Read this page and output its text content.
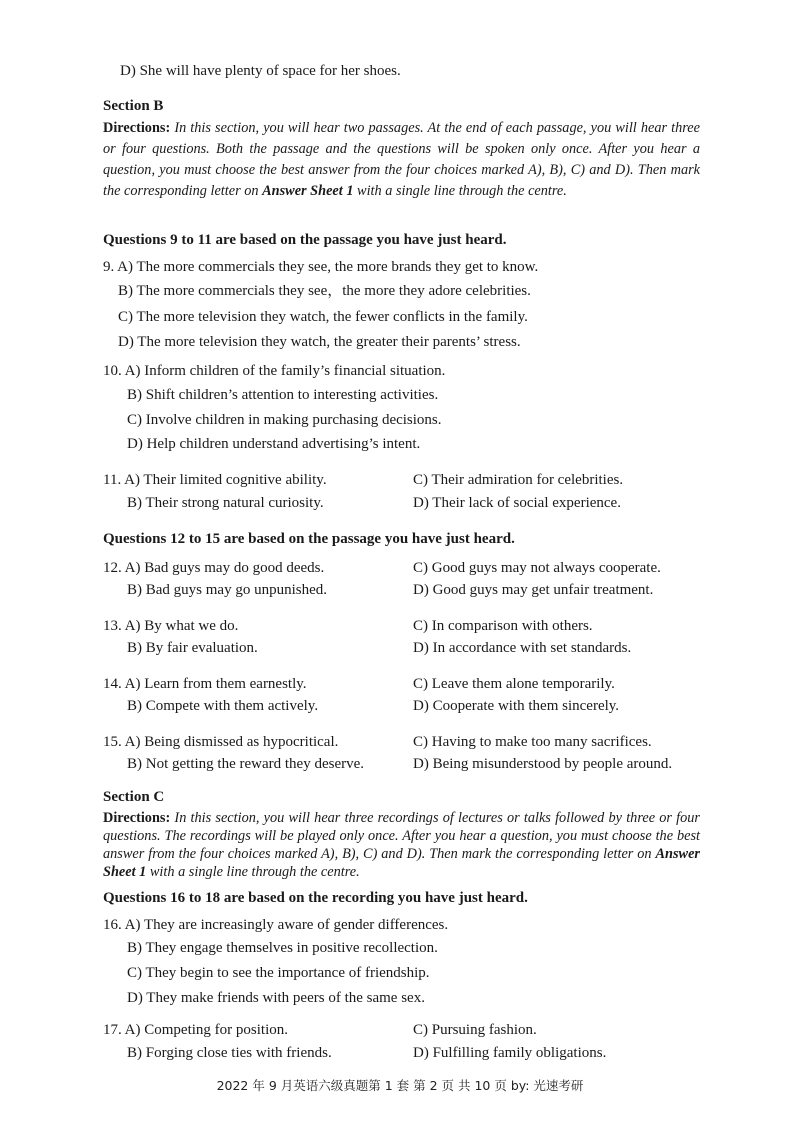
D) She will have plenty of space for her shoes.
Section B
Directions: In this section, you will hear two passages. At the end of each passage, you will hear three or four questions. Both the passage and the questions will be spoken only once. After you hear a question, you must choose the best answer from the four choices marked A), B), C) and D). Then mark the corresponding letter on Answer Sheet 1 with a single line through the centre.
Questions 9 to 11 are based on the passage you have just heard.
9. A) The more commercials they see, the more brands they get to know.
B) The more commercials they see，the more they adore celebrities.
C) The more television they watch, the fewer conflicts in the family.
D) The more television they watch, the greater their parents’ stress.
10. A) Inform children of the family’s financial situation.
B) Shift children’s attention to interesting activities.
C) Involve children in making purchasing decisions.
D) Help children understand advertising’s intent.
11. A) Their limited cognitive ability.	C) Their admiration for celebrities.
B) Their strong natural curiosity.	D) Their lack of social experience.
Questions 12 to 15 are based on the passage you have just heard.
12. A) Bad guys may do good deeds.	C) Good guys may not always cooperate.
B) Bad guys may go unpunished.	D) Good guys may get unfair treatment.
13. A) By what we do.	C) In comparison with others.
B) By fair evaluation.	D) In accordance with set standards.
14. A) Learn from them earnestly.	C) Leave them alone temporarily.
B) Compete with them actively.	D) Cooperate with them sincerely.
15. A) Being dismissed as hypocritical.	C) Having to make too many sacrifices.
B) Not getting the reward they deserve.	D) Being misunderstood by people around.
Section C
Directions: In this section, you will hear three recordings of lectures or talks followed by three or four questions. The recordings will be played only once. After you hear a question, you must choose the best answer from the four choices marked A), B), C) and D). Then mark the corresponding letter on Answer Sheet 1 with a single line through the centre.
Questions 16 to 18 are based on the recording you have just heard.
16. A) They are increasingly aware of gender differences.
B) They engage themselves in positive recollection.
C) They begin to see the importance of friendship.
D) They make friends with peers of the same sex.
17. A) Competing for position.	C) Pursuing fashion.
B) Forging close ties with friends.	D) Fulfilling family obligations.
2022 年 9 月英语六级真题第 1 套 第 2 页 共 10 页 by: 光速考研
